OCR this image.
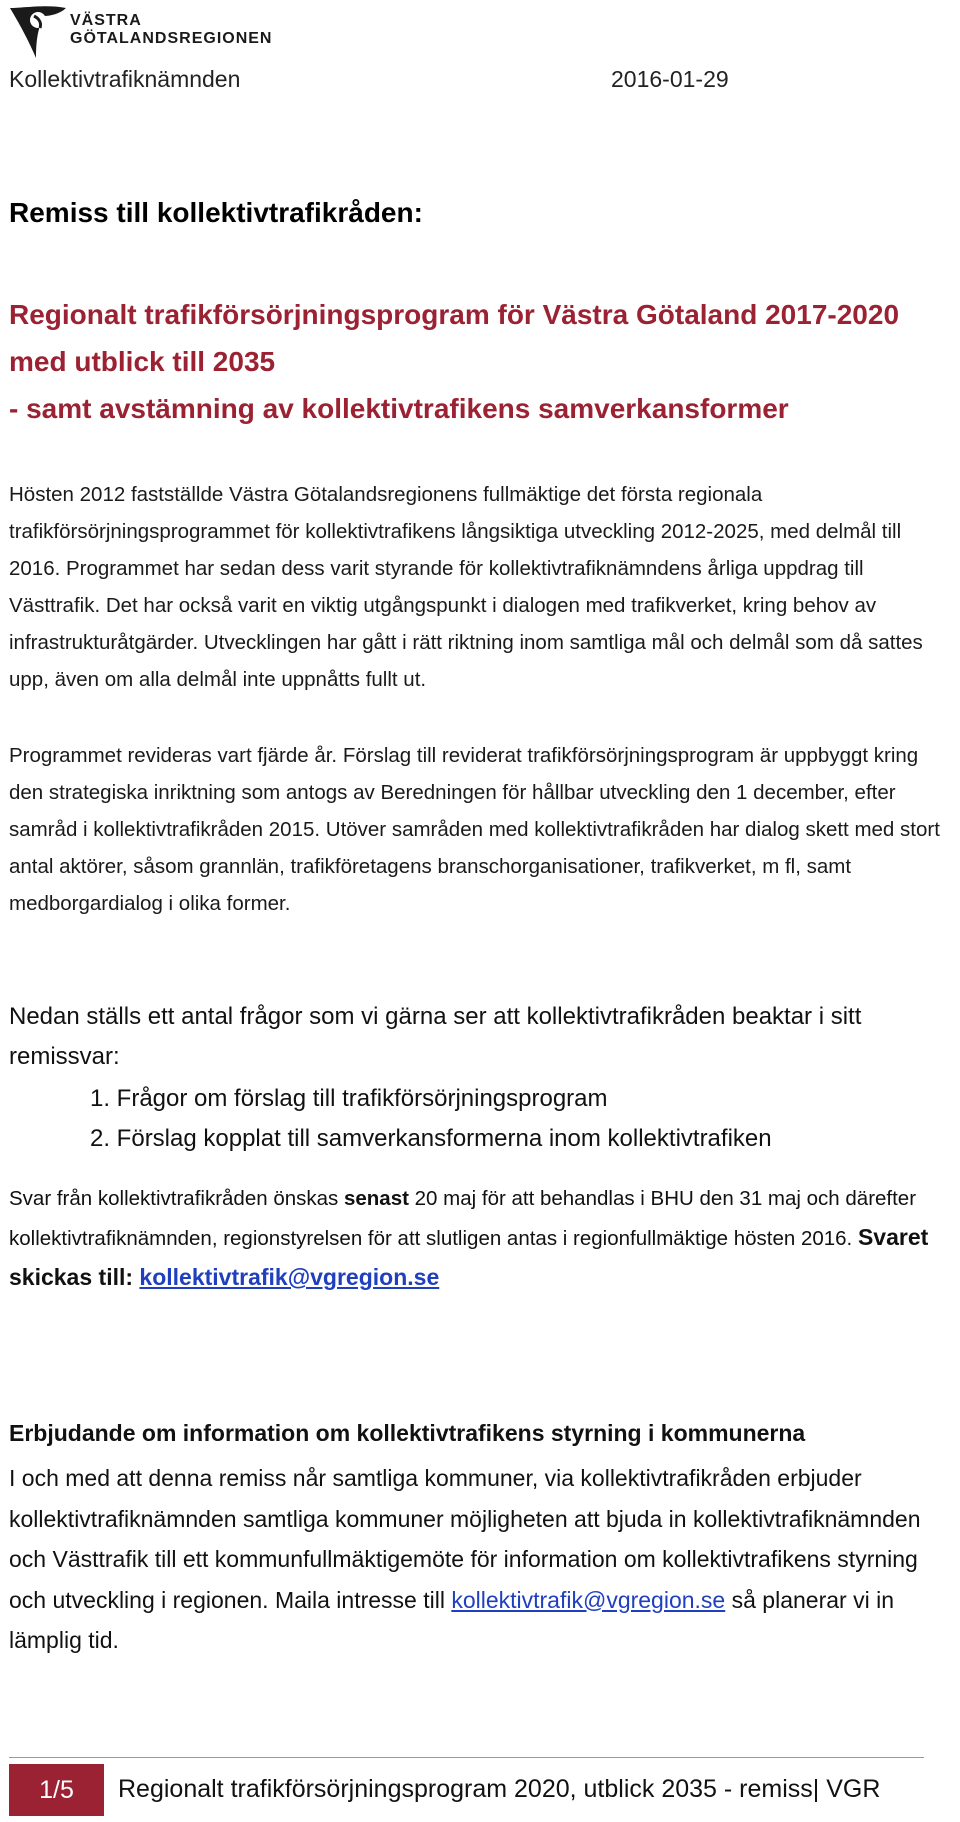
VÄSTRA
GÖTALANDSREGIONEN
Kollektivtrafiknämnden	2016-01-29
Remiss till kollektivtrafikråden:
Regionalt trafikförsörjningsprogram för Västra Götaland 2017-2020
med utblick till 2035
- samt avstämning av kollektivtrafikens samverkansformer
Hösten 2012 fastställde Västra Götalandsregionens fullmäktige det första regionala trafikförsörjningsprogrammet för kollektivtrafikens långsiktiga utveckling 2012-2025, med delmål till 2016. Programmet har sedan dess varit styrande för kollektivtrafiknämndens årliga uppdrag till Västtrafik. Det har också varit en viktig utgångspunkt i dialogen med trafikverket, kring behov av infrastrukturåtgärder. Utvecklingen har gått i rätt riktning inom samtliga mål och delmål som då sattes upp, även om alla delmål inte uppnåtts fullt ut.
Programmet revideras vart fjärde år. Förslag till reviderat trafikförsörjningsprogram är uppbyggt kring den strategiska inriktning som antogs av Beredningen för hållbar utveckling den 1 december, efter samråd i kollektivtrafikråden 2015. Utöver samråden med kollektivtrafikråden har dialog skett med stort antal aktörer, såsom grannlän, trafikföretagens branschorganisationer, trafikverket, m fl, samt medborgardialog i olika former.
Nedan ställs ett antal frågor som vi gärna ser att kollektivtrafikråden beaktar i sitt remissvar:
1. Frågor om förslag till trafikförsörjningsprogram
2. Förslag kopplat till samverkansformerna inom kollektivtrafiken
Svar från kollektivtrafikråden önskas senast 20 maj för att behandlas i BHU den 31 maj och därefter kollektivtrafiknämnden, regionstyrelsen för att slutligen antas i regionfullmäktige hösten 2016. Svaret skickas till: kollektivtrafik@vgregion.se
Erbjudande om information om kollektivtrafikens styrning i kommunerna
I och med att denna remiss når samtliga kommuner, via kollektivtrafikråden erbjuder kollektivtrafiknämnden samtliga kommuner möjligheten att bjuda in kollektivtrafiknämnden och Västtrafik till ett kommunfullmäktigemöte för information om kollektivtrafikens styrning och utveckling i regionen. Maila intresse till kollektivtrafik@vgregion.se så planerar vi in lämplig tid.
1/5	Regionalt trafikförsörjningsprogram 2020, utblick 2035 - remiss| VGR
